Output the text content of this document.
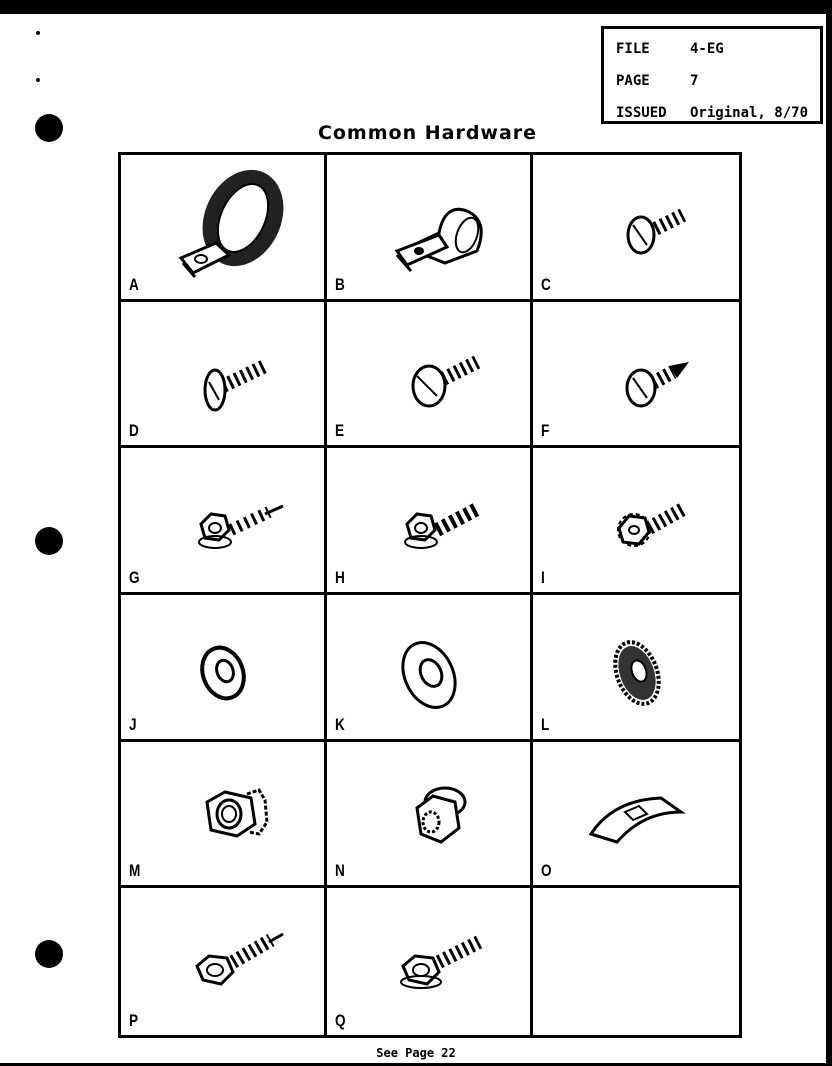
FILE	4-EG
PAGE	7
ISSUED Original, 8/70
Common Hardware
A	B	C
D	E	F
G	H	I
J	K	L
M	N	O
P	Q
See Page 22
